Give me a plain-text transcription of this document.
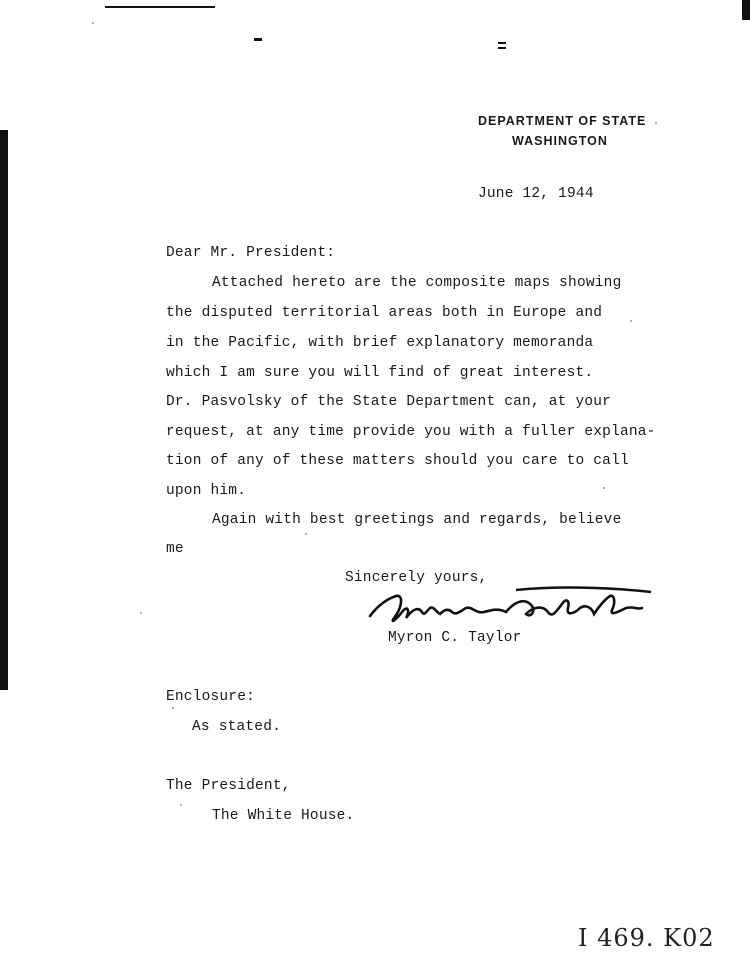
DEPARTMENT OF STATE
WASHINGTON
June 12, 1944
Dear Mr. President:
Attached hereto are the composite maps showing
the disputed territorial areas both in Europe and
in the Pacific, with brief explanatory memoranda
which I am sure you will find of great interest.
Dr. Pasvolsky of the State Department can, at your
request, at any time provide you with a fuller explana-
tion of any of these matters should you care to call
upon him.
Again with best greetings and regards, believe
me
Sincerely yours,
Myron C. Taylor
Enclosure:
As stated.
The President,
The White House.
I 469. K02
